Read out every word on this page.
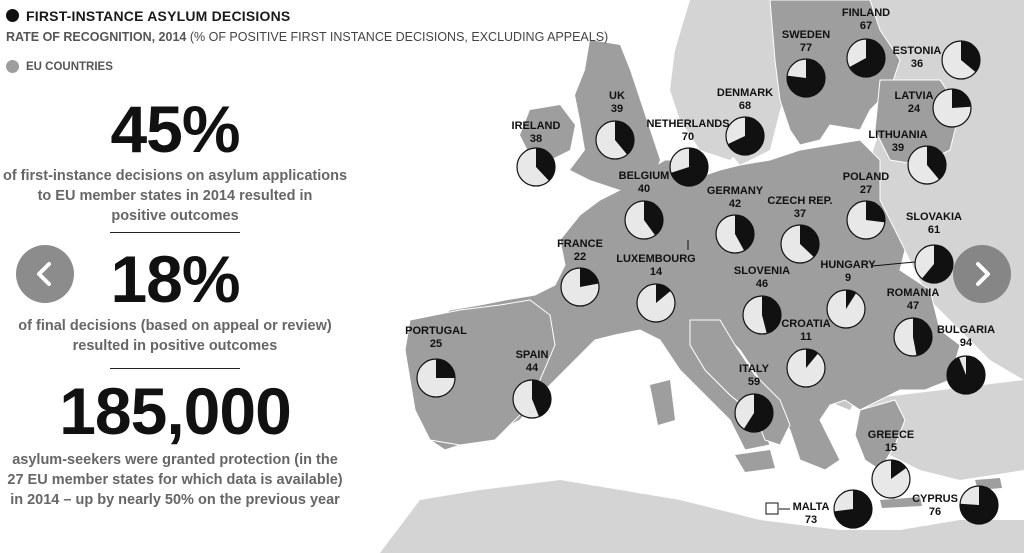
SWEDEN
77
FINLAND
67
ESTONIA
36
LATVIA
24
LITHUANIA
39
DENMARK
68
NETHERLANDS
70
UK
39
IRELAND
38
BELGIUM
40	GERMANY
42 CZECH REP.
37
POLAND
27
SLOVAKIA
61
FRANCE
22	LUXEMBOURG
14	SLOVENIA
46
HUNGARY
9
ROMANIA
47
BULGARIA
94
CROATIA
11
PORTUGAL
25
SPAIN
44	ITALY
59
GREECE
15
MALTA
73
CYPRUS
76
FIRST-INSTANCE ASYLUM DECISIONS
RATE OF RECOGNITION, 2014 (% OF POSITIVE FIRST INSTANCE DECISIONS, EXCLUDING APPEALS)
EU COUNTRIES
45%
of first-instance decisions on asylum applications
to EU member states in 2014 resulted in
positive outcomes
18%
of final decisions (based on appeal or review)
resulted in positive outcomes
185,000
asylum-seekers were granted protection (in the
27 EU member states for which data is available)
in 2014 – up by nearly 50% on the previous year
